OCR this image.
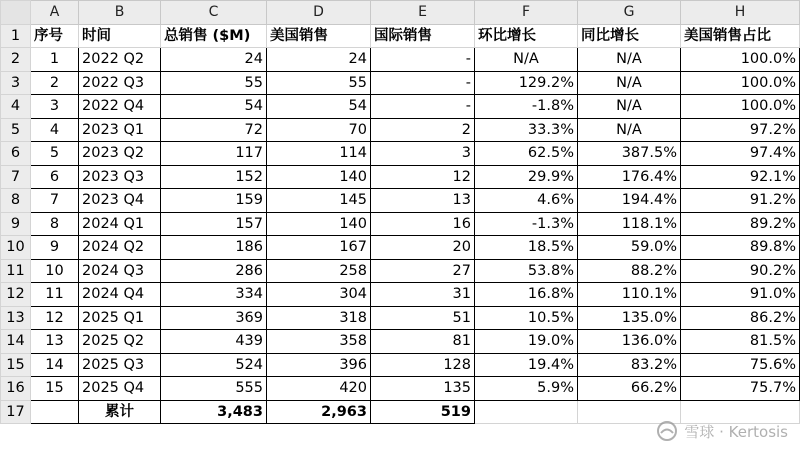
	A	B	C	D	E	F	G	H
1	序号	时间	总销售 ($M)	美国销售	国际销售	环比增长	同比增长	美国销售占比
2	1	2022 Q2	24	24	-	N/A	N/A	100.0%
3	2	2022 Q3	55	55	-	129.2%	N/A	100.0%
4	3	2022 Q4	54	54	-	-1.8%	N/A	100.0%
5	4	2023 Q1	72	70	2	33.3%	N/A	97.2%
6	5	2023 Q2	117	114	3	62.5%	387.5%	97.4%
7	6	2023 Q3	152	140	12	29.9%	176.4%	92.1%
8	7	2023 Q4	159	145	13	4.6%	194.4%	91.2%
9	8	2024 Q1	157	140	16	-1.3%	118.1%	89.2%
10	9	2024 Q2	186	167	20	18.5%	59.0%	89.8%
11	10	2024 Q3	286	258	27	53.8%	88.2%	90.2%
12	11	2024 Q4	334	304	31	16.8%	110.1%	91.0%
13	12	2025 Q1	369	318	51	10.5%	135.0%	86.2%
14	13	2025 Q2	439	358	81	19.0%	136.0%	81.5%
15	14	2025 Q3	524	396	128	19.4%	83.2%	75.6%
16	15	2025 Q4	555	420	135	5.9%	66.2%	75.7%
17		累计	3,483	2,963	519			
雪球 · Kertosis
